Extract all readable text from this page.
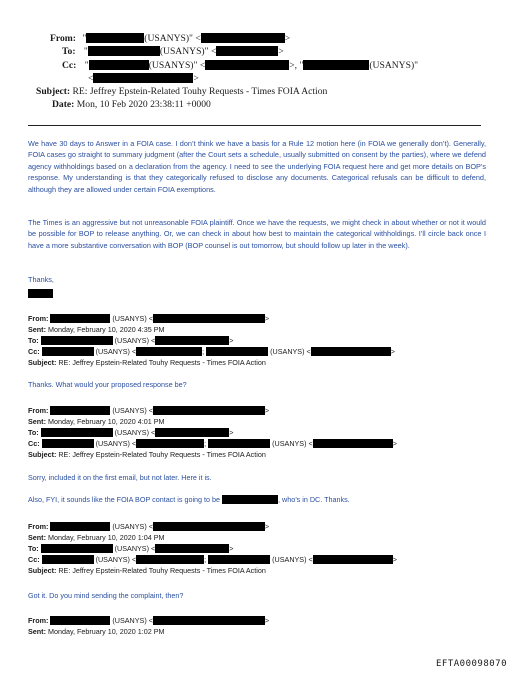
From: "	(USANYS)" <	>
To: "	(USANYS)" <	>
Cc: "	(USANYS)" <	>, "	(USANYS)"
<	>
Subject: RE: Jeffrey Epstein-Related Touhy Requests - Times FOIA Action
Date: Mon, 10 Feb 2020 23:38:11 +0000
We have 30 days to Answer in a FOIA case. I don’t think we have a basis for a Rule 12 motion here (in FOIA we generally don’t). Generally, FOIA cases go straight to summary judgment (after the Court sets a schedule, usually submitted on consent by the parties), where we defend agency withholdings based on a declaration from the agency. I need to see the underlying FOIA request here and get more details on BOP’s response. My understanding is that they categorically refused to disclose any documents. Categorical refusals can be difficult to defend, although they are allowed under certain FOIA exemptions.
The Times is an aggressive but not unreasonable FOIA plaintiff. Once we have the requests, we might check in about whether or not it would be possible for BOP to release anything. Or, we can check in about how best to maintain the categorical withholdings. I’ll circle back once I have a more substantive conversation with BOP (BOP counsel is out tomorrow, but should follow up later in the week).
Thanks,
From:	(USANYS) <	>
Sent: Monday, February 10, 2020 4:35 PM
To:	(USANYS) <	>
Cc:	(USANYS) <	;	(USANYS) <	>
Subject: RE: Jeffrey Epstein-Related Touhy Requests - Times FOIA Action
Thanks. What would your proposed response be?
From:	(USANYS) <	>
Sent: Monday, February 10, 2020 4:01 PM
To:	(USANYS) <	>
Cc:	(USANYS) <	;	(USANYS) <	>
Subject: RE: Jeffrey Epstein-Related Touhy Requests - Times FOIA Action
Sorry, included it on the first email, but not later. Here it is.
Also, FYI, it sounds like the FOIA BOP contact is going to be	, who’s in DC. Thanks.
From:	(USANYS) <	>
Sent: Monday, February 10, 2020 1:04 PM
To:	(USANYS) <	>
Cc:	(USANYS) <	;	(USANYS) <	>
Subject: RE: Jeffrey Epstein-Related Touhy Requests - Times FOIA Action
Got it. Do you mind sending the complaint, then?
From:	(USANYS) <	>
Sent: Monday, February 10, 2020 1:02 PM
EFTA00098070
